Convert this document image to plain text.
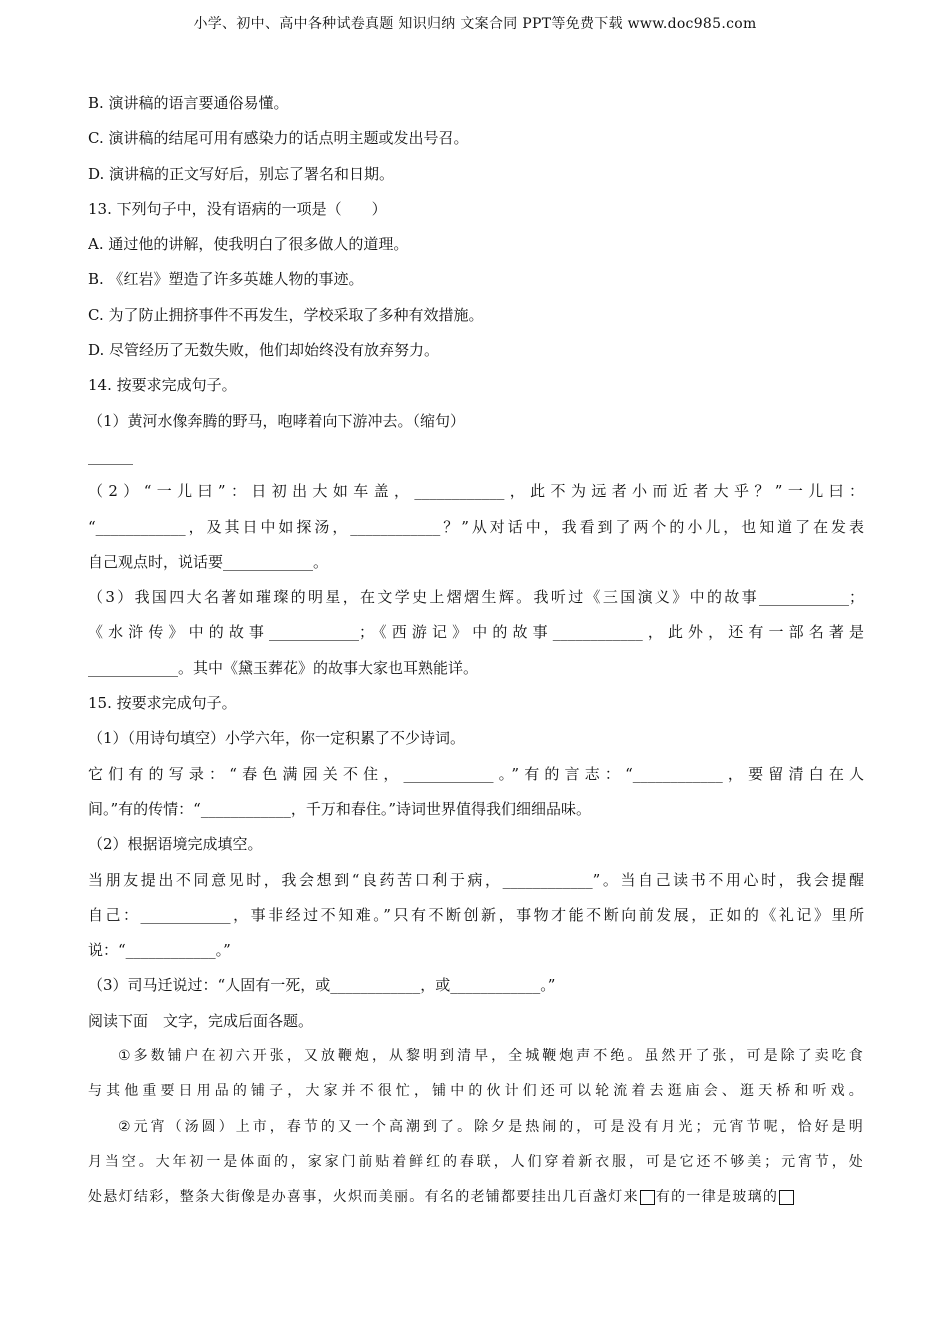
小学、初中、高中各种试卷真题 知识归纳 文案合同 PPT等免费下载 www.doc985.com
B. 演讲稿的语言要通俗易懂。
C. 演讲稿的结尾可用有感染力的话点明主题或发出号召。
D. 演讲稿的正文写好后，别忘了署名和日期。
13. 下列句子中，没有语病的一项是（　　）
A. 通过他的讲解，使我明白了很多做人的道理。
B. 《红岩》塑造了许多英雄人物的事迹。
C. 为了防止拥挤事件不再发生，学校采取了多种有效措施。
D. 尽管经历了无数失败，他们却始终没有放弃努力。
14. 按要求完成句子。
（1）黄河水像奔腾的野马，咆哮着向下游冲去。（缩句）
______
（2）“一儿曰”：日初出大如车盖，____________，此不为远者小而近者大乎？”一儿曰：
“____________，及其日中如探汤，____________？”从对话中，我看到了两个的小儿，也知道了在发表
自己观点时，说话要____________。
（3）我国四大名著如璀璨的明星，在文学史上熠熠生辉。我听过《三国演义》中的故事____________；
《水浒传》中的故事____________；《西游记》中的故事____________，此外，还有一部名著是
____________。其中《黛玉葬花》的故事大家也耳熟能详。
15. 按要求完成句子。
（1）（用诗句填空）小学六年，你一定积累了不少诗词。
它们有的写录：“春色满园关不住，____________。”有的言志：“____________，要留清白在人
间。”有的传情：“____________，千万和春住。”诗词世界值得我们细细品味。
（2）根据语境完成填空。
当朋友提出不同意见时，我会想到“良药苦口利于病，____________”。当自己读书不用心时，我会提醒
自己：____________，事非经过不知难。”只有不断创新，事物才能不断向前发展，正如的《礼记》里所
说：“____________。”
（3）司马迁说过：“人固有一死，或____________，或____________。”
阅读下面　文字，完成后面各题。
①多数铺户在初六开张，又放鞭炮，从黎明到清早，全城鞭炮声不绝。虽然开了张，可是除了卖吃食
与其他重要日用品的铺子，大家并不很忙，铺中的伙计们还可以轮流着去逛庙会、逛天桥和听戏。
②元宵（汤圆）上市，春节的又一个高潮到了。除夕是热闹的，可是没有月光；元宵节呢，恰好是明
月当空。大年初一是体面的，家家门前贴着鲜红的春联，人们穿着新衣服，可是它还不够美；元宵节，处
处悬灯结彩，整条大街像是办喜事，火炽而美丽。有名的老铺都要挂出几百盏灯来 有的一律是玻璃的
